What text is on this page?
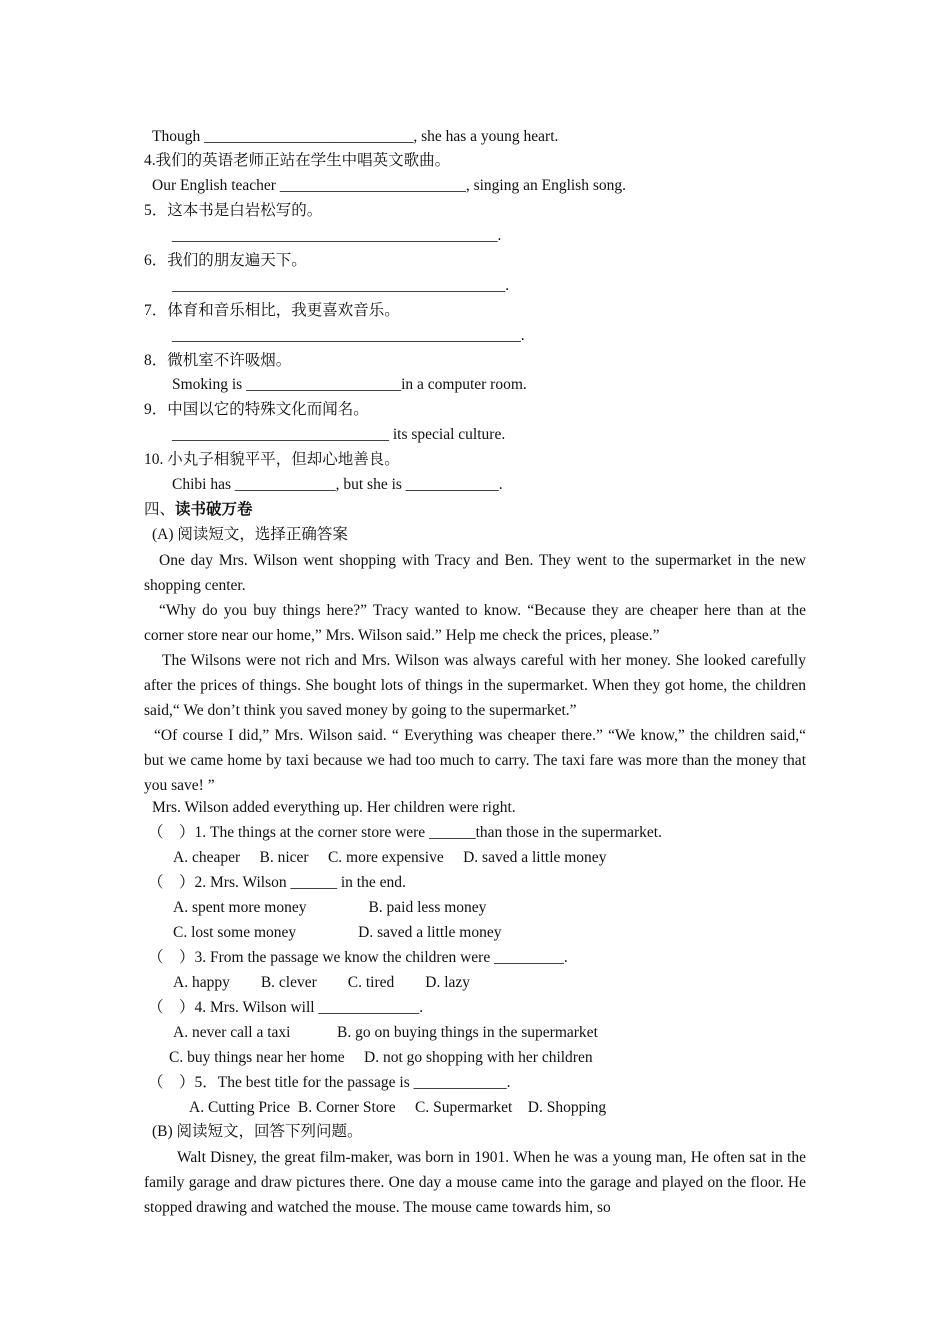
Though ___________________________, she has a young heart.
4.我们的英语老师正站在学生中唱英文歌曲。
Our English teacher ________________________, singing an English song.
5．这本书是白岩松写的。
__________________________________________.
6．我们的朋友遍天下。
___________________________________________.
7．体育和音乐相比，我更喜欢音乐。
_____________________________________________.
8．微机室不许吸烟。
Smoking is ____________________in a computer room.
9．中国以它的特殊文化而闻名。
____________________________ its special culture.
10. 小丸子相貌平平，但却心地善良。
Chibi has _____________, but she is ____________.
四、读书破万卷
(A) 阅读短文，选择正确答案

One day Mrs. Wilson went shopping with Tracy and Ben. They went to the supermarket in the new shopping center.

“Why do you buy things here?” Tracy wanted to know. “Because they are cheaper here than at the corner store near our home,” Mrs. Wilson said.” Help me check the prices, please.”

The Wilsons were not rich and Mrs. Wilson was always careful with her money. She looked carefully after the prices of things. She bought lots of things in the supermarket. When they got home, the children said,“ We don’t think you saved money by going to the supermarket.”

“Of course I did,” Mrs. Wilson said. “ Everything was cheaper there.” “We know,” the children said,“ but we came home by taxi because we had too much to carry. The taxi fare was more than the money that you save! ”

Mrs. Wilson added everything up. Her children were right.
（　）1. The things at the corner store were ______than those in the supermarket.
A. cheaper　 B. nicer　 C. more expensive　 D. saved a little money
（　）2. Mrs. Wilson ______ in the end.
A. spent more money　　　　B. paid less money
C. lost some money　　　　D. saved a little money
（　）3. From the passage we know the children were _________.
A. happy　　B. clever　　C. tired　　D. lazy
（　）4. Mrs. Wilson will _____________.
A. never call a taxi　　　B. go on buying things in the supermarket
C. buy things near her home　 D. not go shopping with her children
（　）5．The best title for the passage is ____________.
A. Cutting Price  B. Corner Store　 C. Supermarket　D. Shopping
(B) 阅读短文，回答下列问题。

Walt Disney, the great film-maker, was born in 1901. When he was a young man, He often sat in the family garage and draw pictures there. One day a mouse came into the garage and played on the floor. He stopped drawing and watched the mouse. The mouse came towards him, so
